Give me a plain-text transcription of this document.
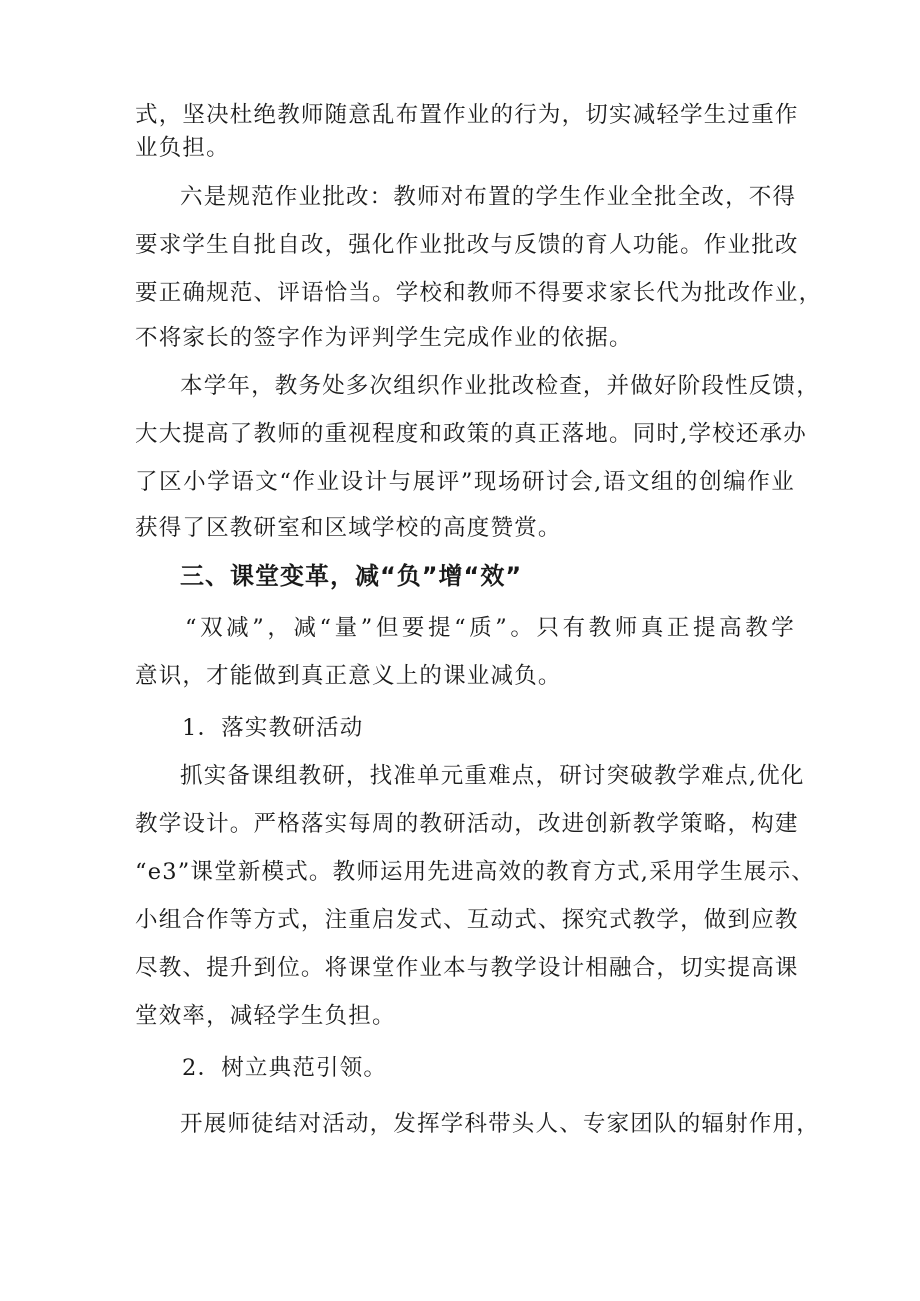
式，坚决杜绝教师随意乱布置作业的行为，切实减轻学生过重作
业负担。
六是规范作业批改：教师对布置的学生作业全批全改，不得
要求学生自批自改，强化作业批改与反馈的育人功能。作业批改
要正确规范、评语恰当。学校和教师不得要求家长代为批改作业，
不将家长的签字作为评判学生完成作业的依据。
本学年，教务处多次组织作业批改检查，并做好阶段性反馈，
大大提高了教师的重视程度和政策的真正落地。同时,学校还承办
了区小学语文“作业设计与展评”现场研讨会,语文组的创编作业
获得了区教研室和区域学校的高度赞赏。
三、课堂变革，减“负”增“效”
“双减”，减“量”但要提“质”。只有教师真正提高教学
意识，才能做到真正意义上的课业减负。
1．落实教研活动
抓实备课组教研，找准单元重难点，研讨突破教学难点,优化
教学设计。严格落实每周的教研活动，改进创新教学策略，构建
“e3”课堂新模式。教师运用先进高效的教育方式,采用学生展示、
小组合作等方式，注重启发式、互动式、探究式教学，做到应教
尽教、提升到位。将课堂作业本与教学设计相融合，切实提高课
堂效率，减轻学生负担。
2．树立典范引领。
开展师徒结对活动，发挥学科带头人、专家团队的辐射作用，
